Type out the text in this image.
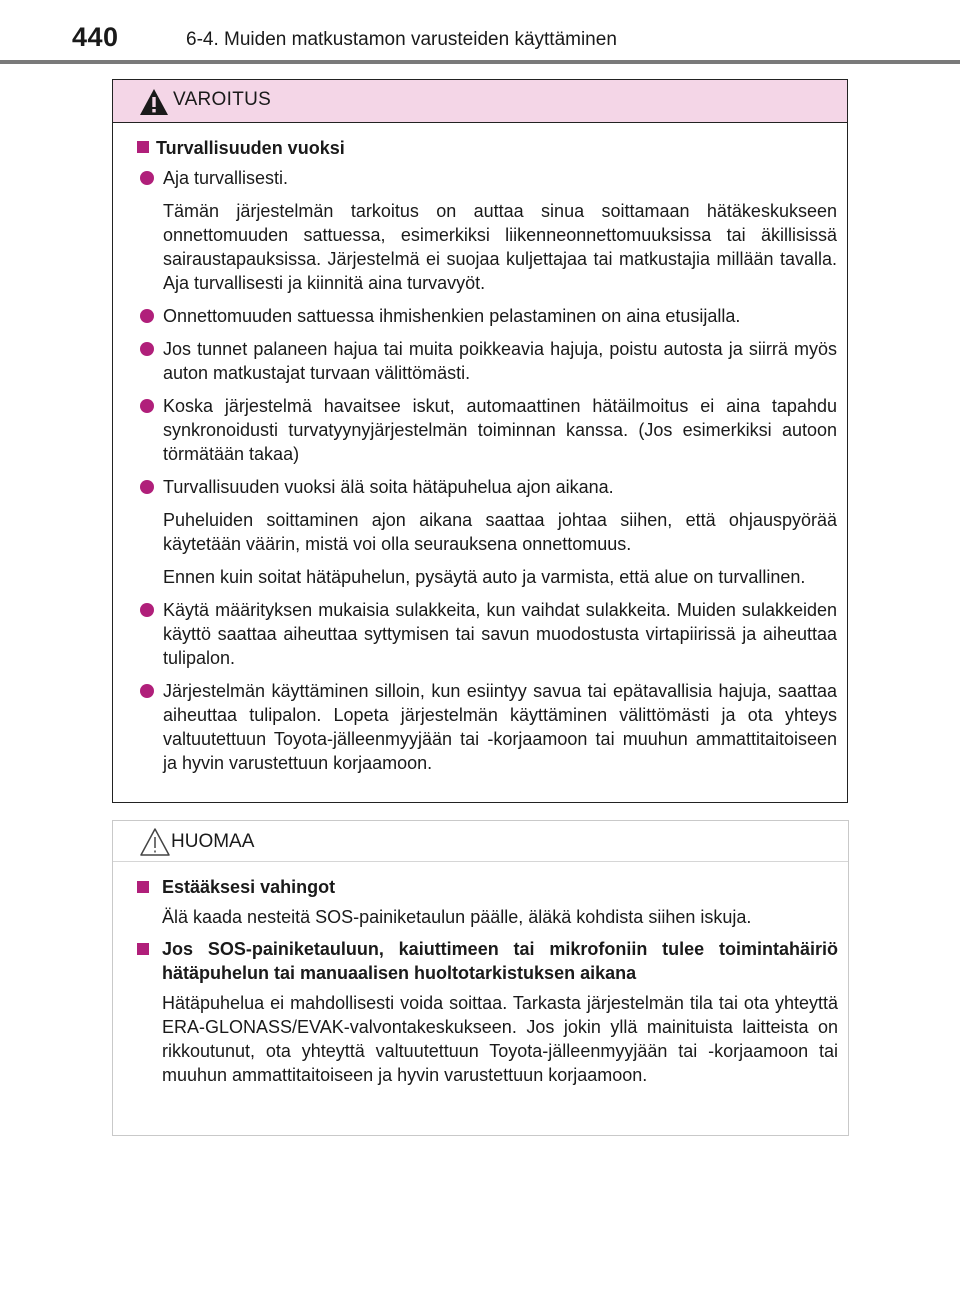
440	6-4. Muiden matkustamon varusteiden käyttäminen
VAROITUS
Turvallisuuden vuoksi
Aja turvallisesti.
Tämän järjestelmän tarkoitus on auttaa sinua soittamaan hätäkeskukseen onnettomuuden sattuessa, esimerkiksi liikenneonnettomuuksissa tai äkillisissä sairaustapauksissa. Järjestelmä ei suojaa kuljettajaa tai matkustajia millään tavalla. Aja turvallisesti ja kiinnitä aina turvavyöt.
Onnettomuuden sattuessa ihmishenkien pelastaminen on aina etusijalla.
Jos tunnet palaneen hajua tai muita poikkeavia hajuja, poistu autosta ja siirrä myös auton matkustajat turvaan välittömästi.
Koska järjestelmä havaitsee iskut, automaattinen hätäilmoitus ei aina tapahdu synkronoidusti turvatyynyjärjestelmän toiminnan kanssa. (Jos esimerkiksi autoon törmätään takaa)
Turvallisuuden vuoksi älä soita hätäpuhelua ajon aikana.
Puheluiden soittaminen ajon aikana saattaa johtaa siihen, että ohjauspyörää käytetään väärin, mistä voi olla seurauksena onnettomuus.
Ennen kuin soitat hätäpuhelun, pysäytä auto ja varmista, että alue on turvallinen.
Käytä määrityksen mukaisia sulakkeita, kun vaihdat sulakkeita. Muiden sulakkeiden käyttö saattaa aiheuttaa syttymisen tai savun muodostusta virtapiirissä ja aiheuttaa tulipalon.
Järjestelmän käyttäminen silloin, kun esiintyy savua tai epätavallisia hajuja, saattaa aiheuttaa tulipalon. Lopeta järjestelmän käyttäminen välittömästi ja ota yhteys valtuutettuun Toyota-jälleenmyyjään tai -korjaamoon tai muuhun ammattitaitoiseen ja hyvin varustettuun korjaamoon.
HUOMAA
Estääksesi vahingot
Älä kaada nesteitä SOS-painiketaulun päälle, äläkä kohdista siihen iskuja.
Jos SOS-painiketauluun, kaiuttimeen tai mikrofoniin tulee toimintahäiriö hätäpuhelun tai manuaalisen huoltotarkistuksen aikana
Hätäpuhelua ei mahdollisesti voida soittaa. Tarkasta järjestelmän tila tai ota yhteyttä ERA-GLONASS/EVAK-valvontakeskukseen. Jos jokin yllä mainituista laitteista on rikkoutunut, ota yhteyttä valtuutettuun Toyota-jälleenmyyjään tai -korjaamoon tai muuhun ammattitaitoiseen ja hyvin varustettuun korjaamoon.
